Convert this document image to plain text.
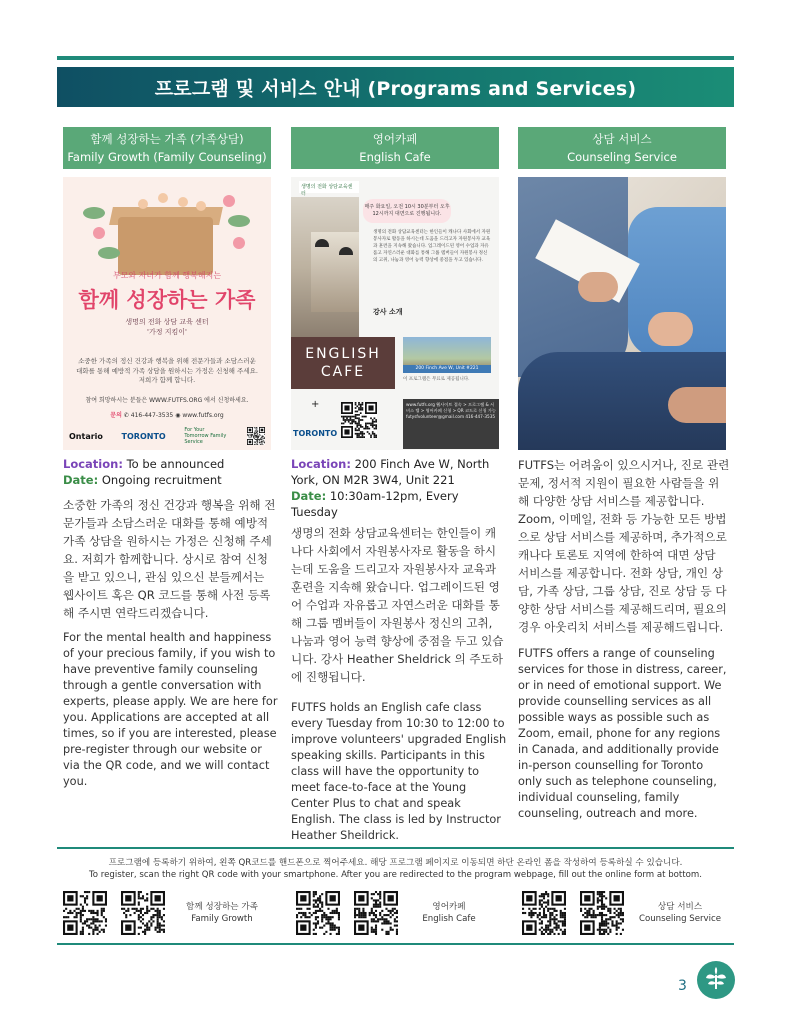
프로그램 및 서비스 안내 (Programs and Services)
함께 성장하는 가족 (가족상담)
Family Growth (Family Counseling)
영어카페
English Cafe
상담 서비스
Counseling Service
부모와 자녀가 함께 행복해지는
함께 성장하는 가족
생명의 전화 상담 교육 센터
'가정 지킴이'
소중한 가족의 정신 건강과 행복을 위해 전문가들과 소담스러운 대화를 통해 예방적 가족 상담을 원하시는 가정은 신청해 주세요. 저희가 함께 합니다.
참여 희망하시는 분들은 WWW.FUTFS.ORG 에서 신청하세요.
문의 ✆ 416-447-3535 ◉ www.futfs.org
Ontario TORONTO
For Your Tomorrow Family Service
생명의 전화 상담교육센터
매주 화요일, 오전 10시 30분부터 오후 12시까지 대면으로 진행됩니다.
생명의 전화 상담교육센터는 한인들이 캐나다 사회에서 자원봉사자로 활동을 하시는데 도움을 드리고자 자원봉사자 교육과 훈련을 지속해 왔습니다. 업그레이드된 영어 수업과 자유롭고 자연스러운 대화를 통해 그룹 멤버들이 자원봉사 정신의 고취, 나눔과 영어 능력 향상에 중점을 두고 있습니다.
강사 소개
200 Finch Ave W, Unit #221
이 프로그램은 무료로 제공됩니다.
ENGLISH CAFE
+
TORONTO
www.futfs.org 웹사이트 접속 > 프로그램 & 서비스 탭 > 영어카페 신청 > QR 코드로 신청 가능 futysfvolunteer@gmail.com 416-447-3535
Location: To be announced
Date: Ongoing recruitment

소중한 가족의 정신 건강과 행복을 위해 전문가들과 소담스러운 대화를 통해 예방적 가족 상담을 원하시는 가정은 신청해 주세요. 저희가 함께합니다. 상시로 참여 신청을 받고 있으니, 관심 있으신 분들께서는 웹사이트 혹은 QR 코드를 통해 사전 등록해 주시면 연락드리겠습니다.

For the mental health and happiness of your precious family, if you wish to have preventive family counseling through a gentle conversation with experts, please apply. We are here for you. Applications are accepted at all times, so if you are interested, please pre-register through our website or via the QR code, and we will contact you.

Location: 200 Finch Ave W, North York, ON M2R 3W4, Unit 221
Date: 10:30am-12pm, Every Tuesday

생명의 전화 상담교육센터는 한인들이 캐나다 사회에서 자원봉사자로 활동을 하시는데 도움을 드리고자 자원봉사자 교육과 훈련을 지속해 왔습니다. 업그레이드된 영어 수업과 자유롭고 자연스러운 대화를 통해 그룹 멤버들이 자원봉사 정신의 고취, 나눔과 영어 능력 향상에 중점을 두고 있습니다. 강사 Heather Sheldrick 의 주도하에 진행됩니다.

FUTFS holds an English cafe class every Tuesday from 10:30 to 12:00 to improve volunteers' upgraded English speaking skills. Participants in this class will have the opportunity to meet face-to-face at the Young Center Plus to chat and speak English. The class is led by Instructor Heather Sheildrick.

FUTFS는 어려움이 있으시거나, 진로 관련 문제, 정서적 지원이 필요한 사람들을 위해 다양한 상담 서비스를 제공합니다. Zoom, 이메일, 전화 등 가능한 모든 방법으로 상담 서비스를 제공하며, 추가적으로 캐나다 토론토 지역에 한하여 대면 상담 서비스를 제공합니다. 전화 상담, 개인 상담, 가족 상담, 그룹 상담, 진로 상담 등 다양한 상담 서비스를 제공해드리며, 필요의 경우 아웃리치 서비스를 제공해드립니다.

FUTFS offers a range of counseling services for those in distress, career, or in need of emotional support. We provide counselling services as all possible ways as possible such as Zoom, email, phone for any regions in Canada, and additionally provide in-person counselling for Toronto only such as telephone counseling, individual counseling, family counseling, outreach and more.

프로그램에 등록하기 위하여, 왼쪽 QR코드를 핸드폰으로 찍어주세요. 해당 프로그램 페이지로 이동되면 하단 온라인 폼을 작성하여 등록하실 수 있습니다.
To register, scan the right QR code with your smartphone. After you are redirected to the program webpage, fill out the online form at bottom.
함께 성장하는 가족
Family Growth
영어카페
English Cafe
상담 서비스
Counseling Service
3
